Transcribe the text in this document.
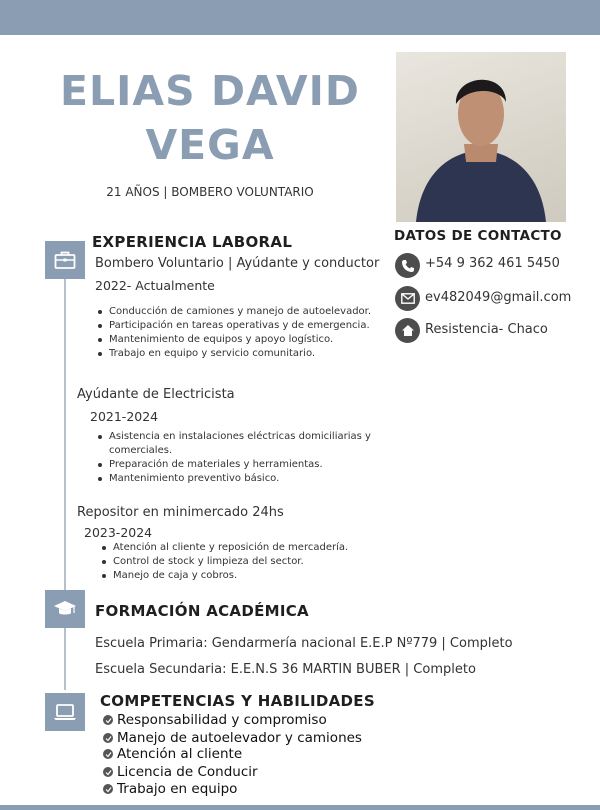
ELIAS DAVID
VEGA
21 AÑOS | BOMBERO VOLUNTARIO
EXPERIENCIA LABORAL
Bombero Voluntario | Ayúdante y conductor
2022- Actualmente
Conducción de camiones y manejo de autoelevador.
Participación en tareas operativas y de emergencia.
Mantenimiento de equipos y apoyo logístico.
Trabajo en equipo y servicio comunitario.
Ayúdante de Electricista
2021-2024
Asistencia en instalaciones eléctricas domiciliarias y
comerciales.
Preparación de materiales y herramientas.
Mantenimiento preventivo básico.
Repositor en minimercado 24hs
2023-2024
Atención al cliente y reposición de mercadería.
Control de stock y limpieza del sector.
Manejo de caja y cobros.
FORMACIÓN ACADÉMICA
Escuela Primaria: Gendarmería nacional E.E.P Nº779 | Completo
Escuela Secundaria: E.E.N.S 36 MARTIN BUBER | Completo
COMPETENCIAS Y HABILIDADES
Responsabilidad y compromiso
Manejo de autoelevador y camiones
Atención al cliente
Licencia de Conducir
Trabajo en equipo
DATOS DE CONTACTO
+54 9 362 461 5450
ev482049@gmail.com
Resistencia- Chaco
